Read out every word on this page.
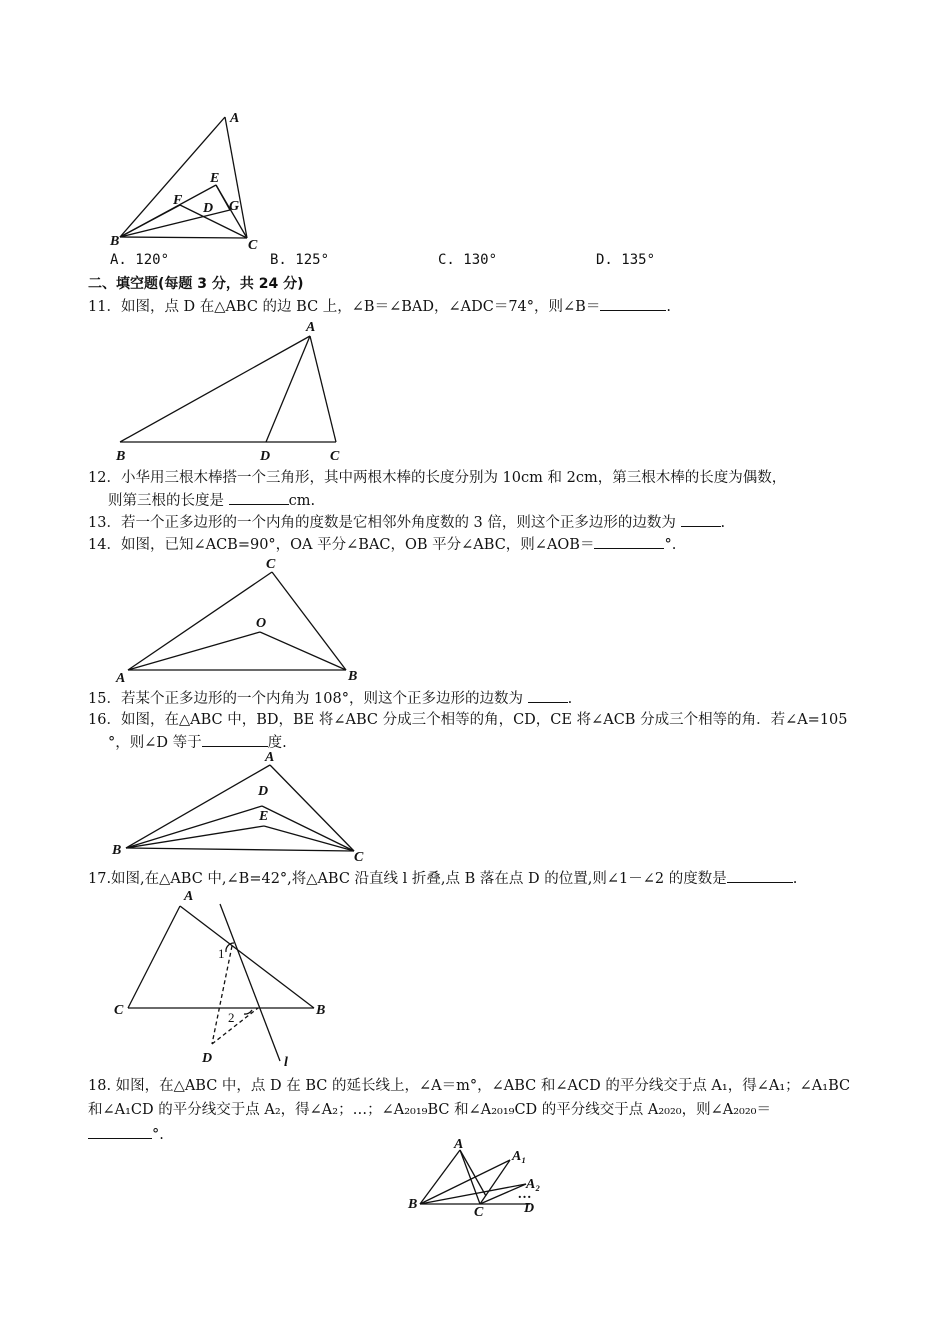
A
B	C
D
E
F	G
A. 120°	B. 125°	C. 130°	D. 135°
二、填空题(每题 3 分，共 24 分)
11．如图，点 D 在△ABC 的边 BC 上，∠B＝∠BAD，∠ADC＝74°，则∠B＝	.
A
B	C
D
12．小华用三根木棒搭一个三角形，其中两根木棒的长度分别为 10cm 和 2cm，第三根木棒的长度为偶数，
则第三根的长度是	cm.
13．若一个正多边形的一个内角的度数是它相邻外角度数的 3 倍，则这个正多边形的边数为	.
14．如图，已知∠ACB=90°，OA 平分∠BAC，OB 平分∠ABC，则∠AOB＝	°.
C
A	B
O
15．若某个正多边形的一个内角为 108°，则这个正多边形的边数为	.
16．如图，在△ABC 中，BD，BE 将∠ABC 分成三个相等的角，CD，CE 将∠ACB 分成三个相等的角．若∠A=105
°，则∠D 等于	度.
A
B	C
D
E
17.如图,在△ABC 中,∠B=42°,将△ABC 沿直线 l 折叠,点 B 落在点 D 的位置,则∠1－∠2 的度数是	.
A
C	B
D	l
1
2
18. 如图，在△ABC 中，点 D 在 BC 的延长线上，∠A＝m°，∠ABC 和∠ACD 的平分线交于点 A₁，得∠A₁；∠A₁BC
和∠A₁CD 的平分线交于点 A₂，得∠A₂；…；∠A₂₀₁₉BC 和∠A₂₀₁₉CD 的平分线交于点 A₂₀₂₀，则∠A₂₀₂₀＝
°.
A
A₁
A₂
…
B
C	D
